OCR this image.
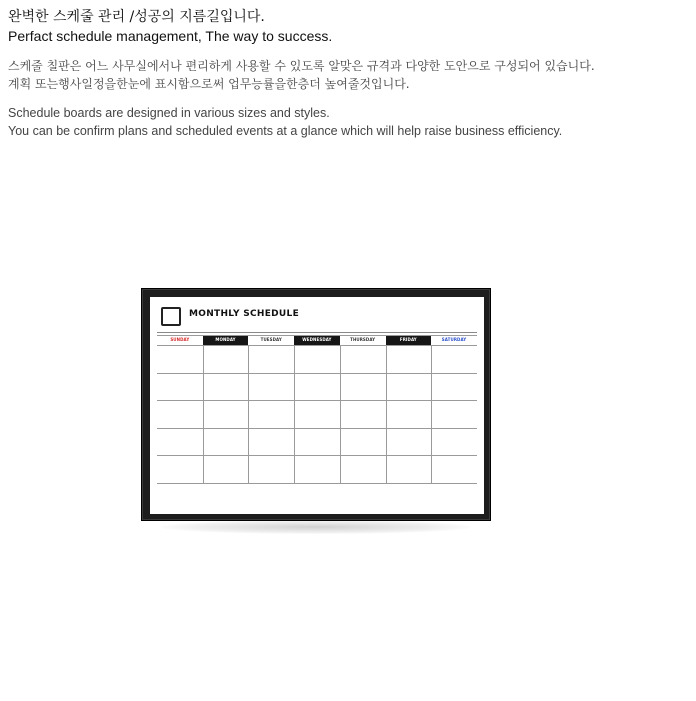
완벽한 스케줄 관리 /성공의 지름길입니다.

Perfact schedule management, The way to success.

스케줄 칠판은 어느 사무실에서나 편리하게 사용할 수 있도록 알맞은 규격과 다양한 도안으로 구성되어 있습니다.
계획 또는행사일정을한눈에 표시함으로써 업무능률을한층더 높여줄것입니다.

Schedule boards are designed in various sizes and styles.
You can be confirm plans and scheduled events at a glance which will help raise business efficiency.

MONTHLY SCHEDULE
SUNDAY	MONDAY	TUESDAY	WEDNESDAY	THURSDAY	FRIDAY	SATURDAY
